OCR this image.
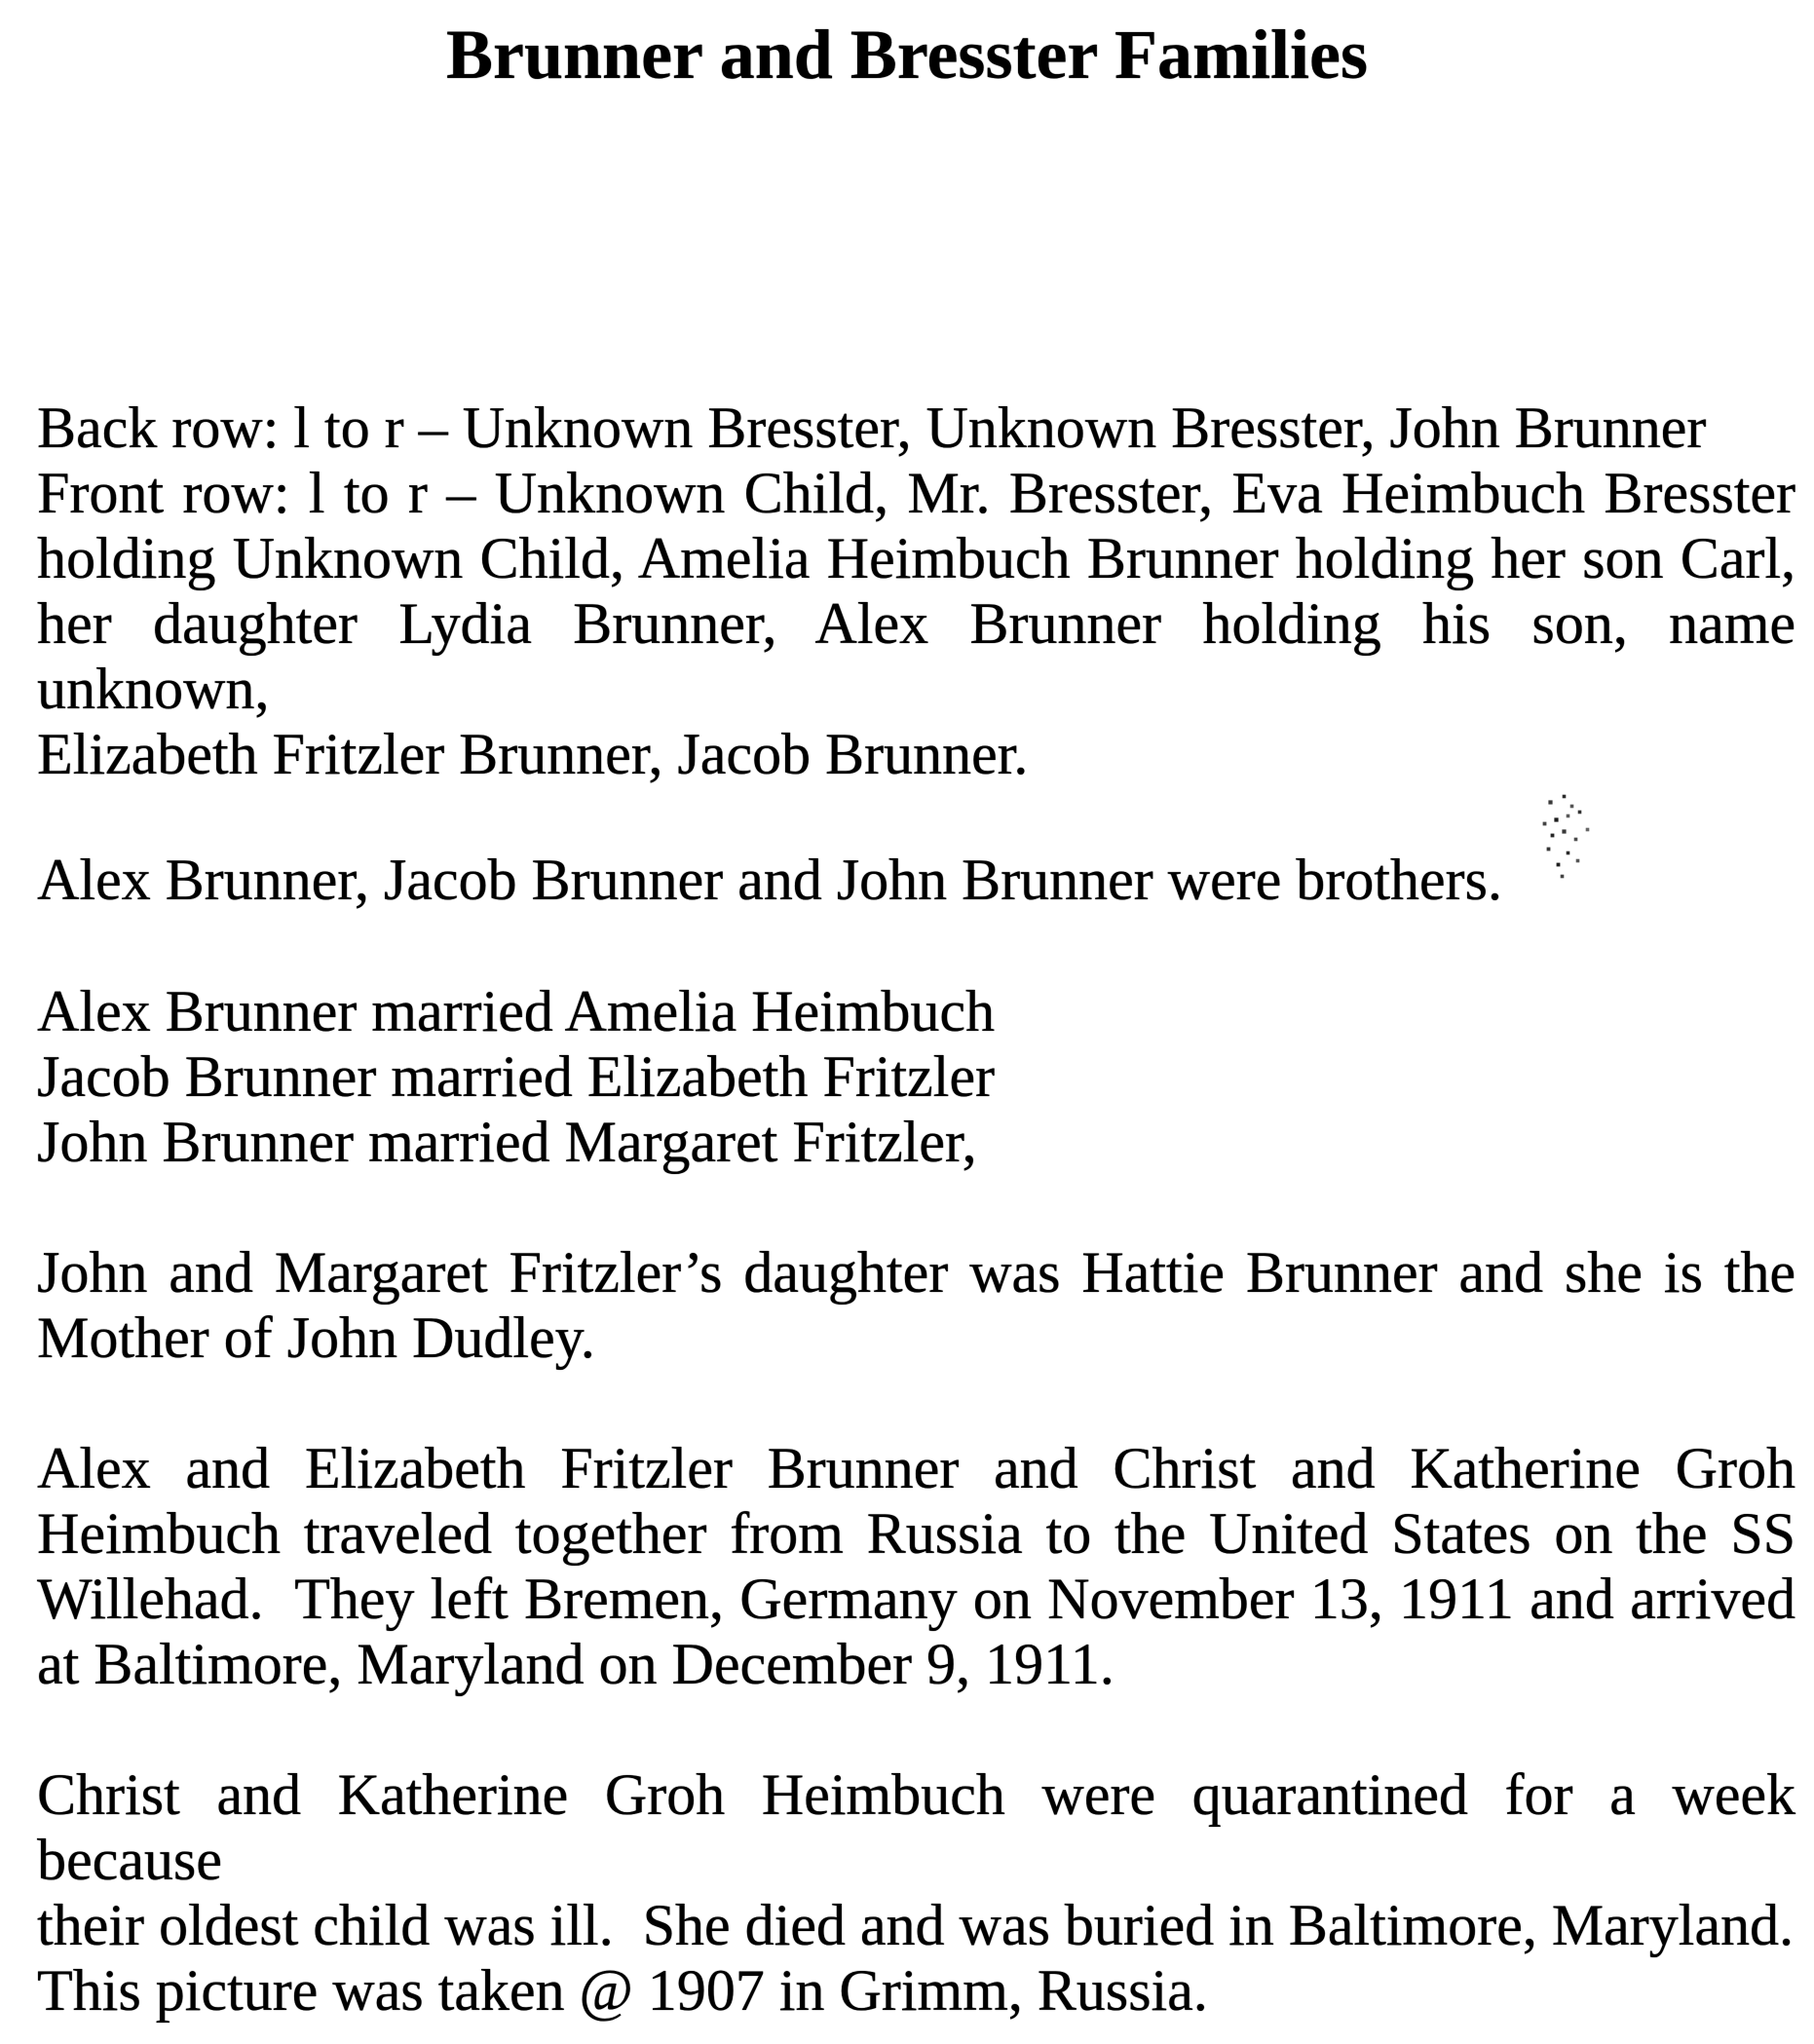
Brunner and Bresster Families
Back row: l to r – Unknown Bresster, Unknown Bresster, John Brunner
Front row: l to r – Unknown Child, Mr. Bresster, Eva Heimbuch Bresster
holding Unknown Child, Amelia Heimbuch Brunner holding her son Carl,
her daughter Lydia Brunner, Alex Brunner holding his son, name unknown,
Elizabeth Fritzler Brunner, Jacob Brunner.
Alex Brunner, Jacob Brunner and John Brunner were brothers.
Alex Brunner married Amelia Heimbuch
Jacob Brunner married Elizabeth Fritzler
John Brunner married Margaret Fritzler,
John and Margaret Fritzler’s daughter was Hattie Brunner and she is the
Mother of John Dudley.
Alex and Elizabeth Fritzler Brunner and Christ and Katherine Groh
Heimbuch traveled together from Russia to the United States on the SS
Willehad.  They left Bremen, Germany on November 13, 1911 and arrived
at Baltimore, Maryland on December 9, 1911.
Christ and Katherine Groh Heimbuch were quarantined for a week because
their oldest child was ill.  She died and was buried in Baltimore, Maryland.
This picture was taken @ 1907 in Grimm, Russia.
